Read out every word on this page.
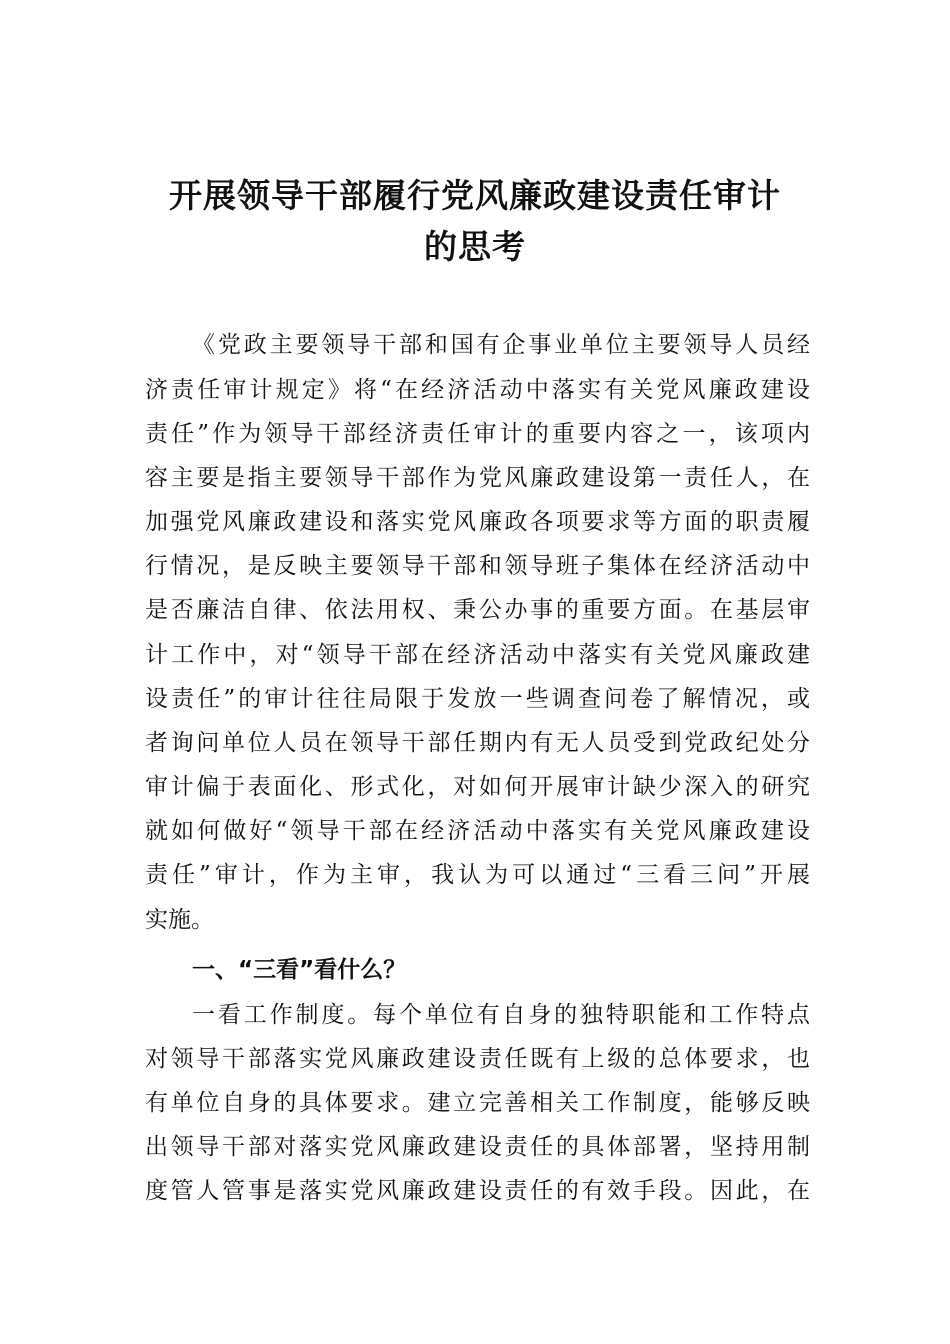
开展领导干部履行党风廉政建设责任审计
的思考
《党政主要领导干部和国有企事业单位主要领导人员经
济责任审计规定》将“在经济活动中落实有关党风廉政建设
责任”作为领导干部经济责任审计的重要内容之一，该项内
容主要是指主要领导干部作为党风廉政建设第一责任人，在
加强党风廉政建设和落实党风廉政各项要求等方面的职责履
行情况，是反映主要领导干部和领导班子集体在经济活动中
是否廉洁自律、依法用权、秉公办事的重要方面。在基层审
计工作中，对“领导干部在经济活动中落实有关党风廉政建
设责任”的审计往往局限于发放一些调查问卷了解情况，或
者询问单位人员在领导干部任期内有无人员受到党政纪处分
审计偏于表面化、形式化，对如何开展审计缺少深入的研究
就如何做好“领导干部在经济活动中落实有关党风廉政建设
责任”审计，作为主审，我认为可以通过“三看三问”开展
实施。
一、“三看”看什么？
一看工作制度。每个单位有自身的独特职能和工作特点
对领导干部落实党风廉政建设责任既有上级的总体要求，也
有单位自身的具体要求。建立完善相关工作制度，能够反映
出领导干部对落实党风廉政建设责任的具体部署，坚持用制
度管人管事是落实党风廉政建设责任的有效手段。因此，在
